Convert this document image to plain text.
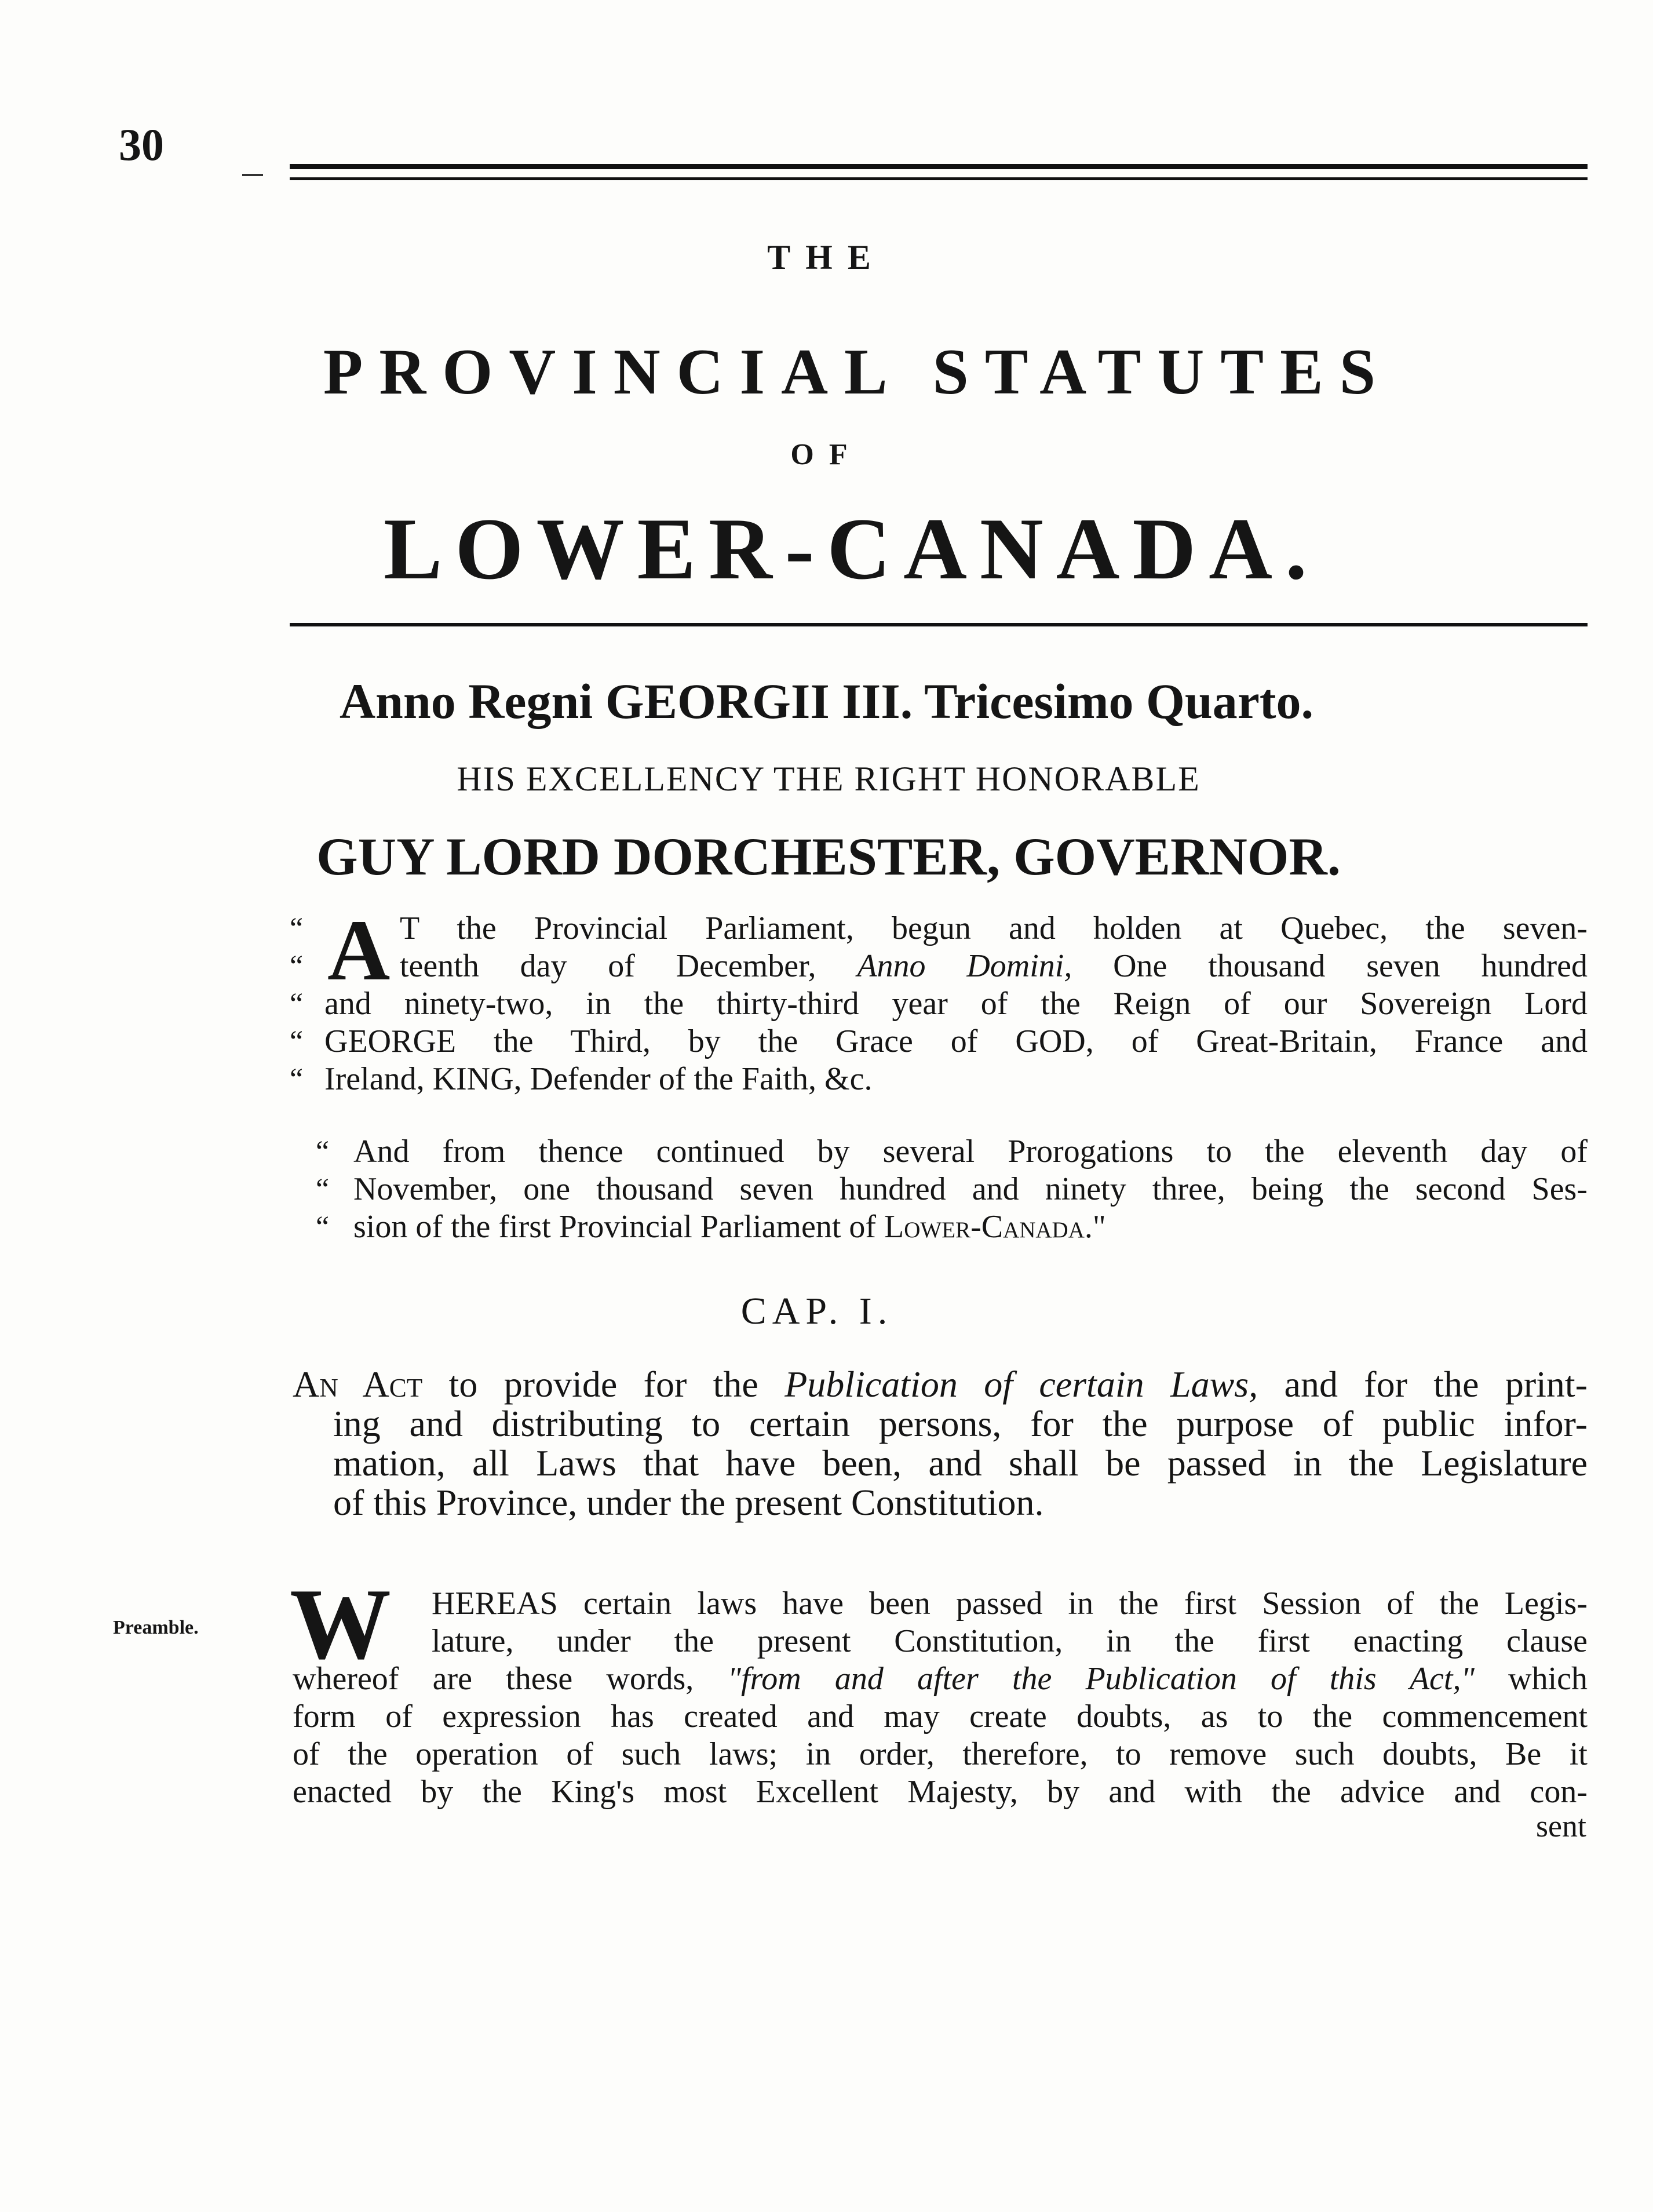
30
THE
PROVINCIAL STATUTES
OF
LOWER-CANADA.
Anno Regni GEORGII III. Tricesimo Quarto.
HIS EXCELLENCY THE RIGHT HONORABLE
GUY LORD DORCHESTER, GOVERNOR.
“
“
“
“
“
A T the Provincial Parliament, begun and holden at Quebec, the seven-
teenth day of December, Anno Domini, One thousand seven hundred
and ninety-two, in the thirty-third year of the Reign of our Sovereign Lord
GEORGE the Third, by the Grace of GOD, of Great-Britain, France and
Ireland, KING, Defender of the Faith, &c.
“
“
“
And from thence continued by several Prorogations to the eleventh day of
November, one thousand seven hundred and ninety three, being the second Ses-
sion of the first Provincial Parliament of Lower-Canada."
CAP. I.
An Act to provide for the Publication of certain Laws, and for the print-
ing and distributing to certain persons, for the purpose of public infor-
mation, all Laws that have been, and shall be passed in the Legislature
of this Province, under the present Constitution.
Preamble. W HEREAS certain laws have been passed in the first Session of the Legis-
lature, under the present Constitution, in the first enacting clause
whereof are these words, "from and after the Publication of this Act," which
form of expression has created and may create doubts, as to the commencement
of the operation of such laws; in order, therefore, to remove such doubts, Be it
enacted by the King's most Excellent Majesty, by and with the advice and con-
sent
